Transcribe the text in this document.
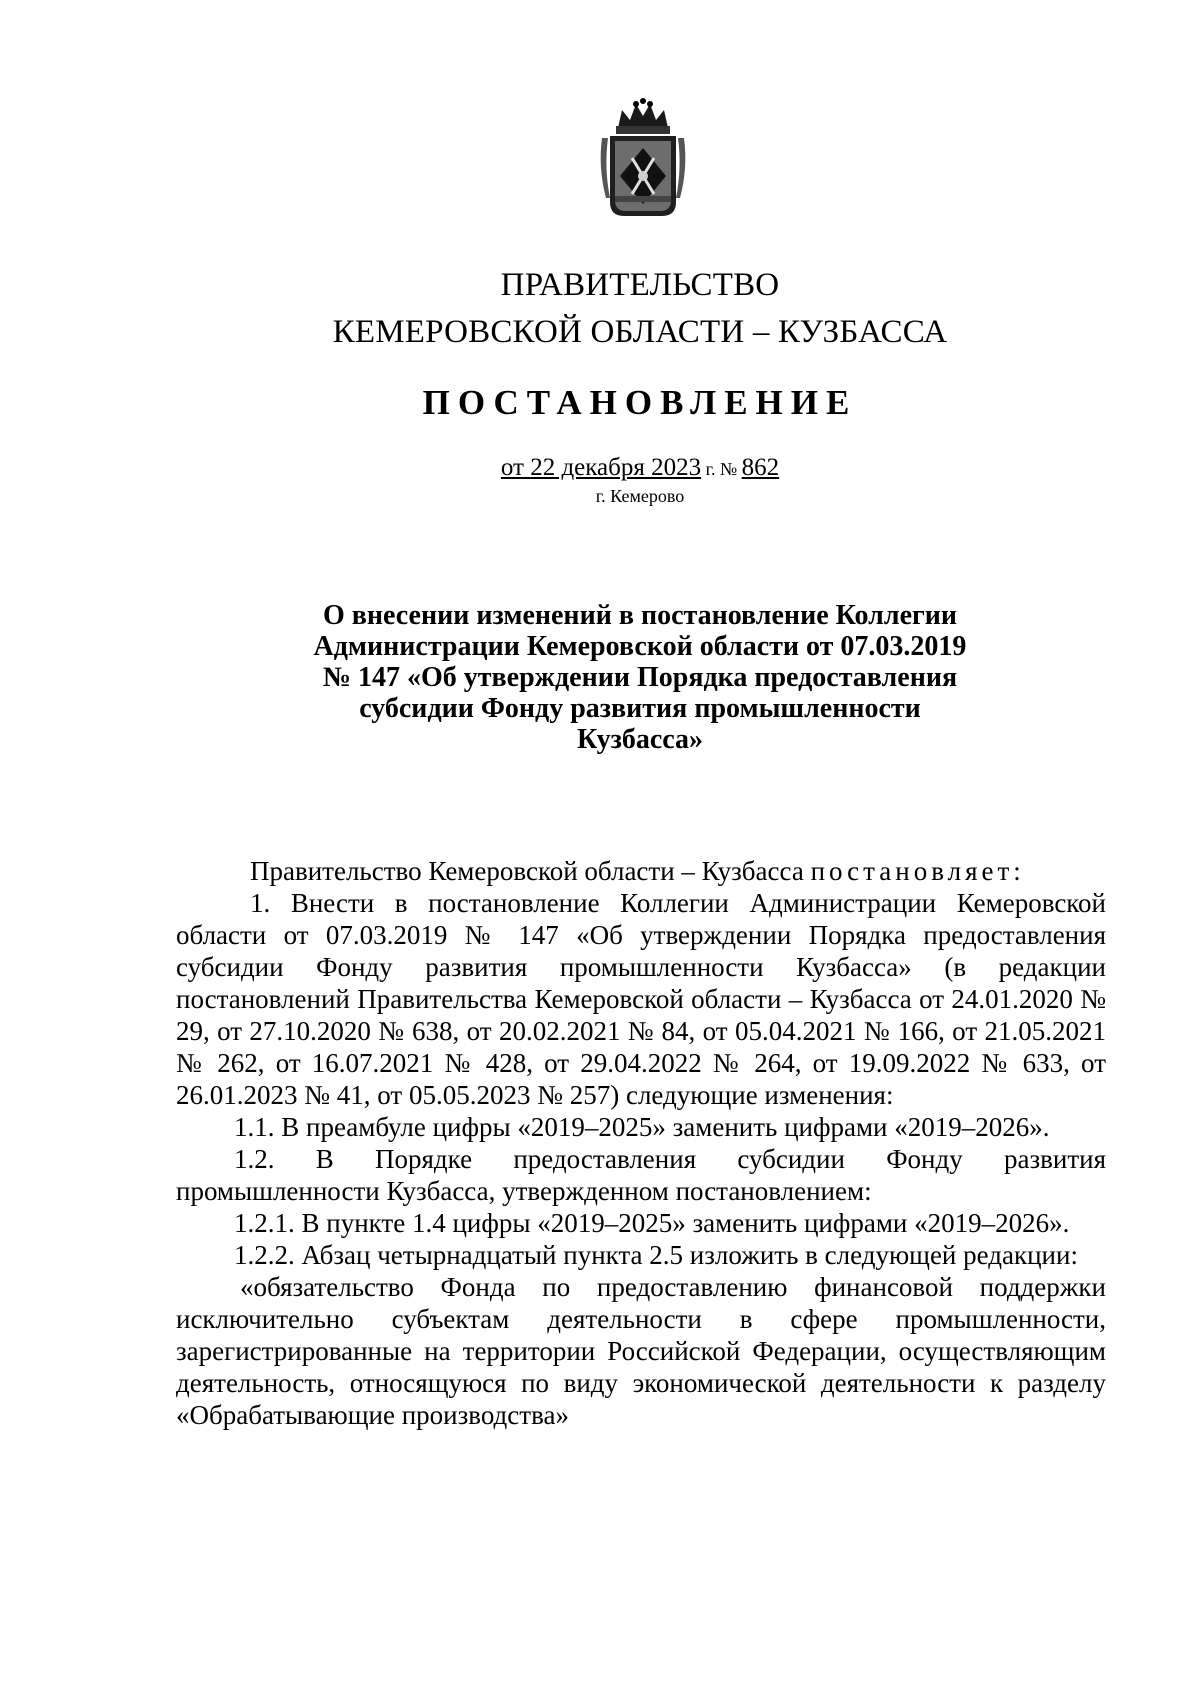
ПРАВИТЕЛЬСТВО
КЕМЕРОВСКОЙ ОБЛАСТИ – КУЗБАССА
ПОСТАНОВЛЕНИЕ
от 22 декабря 2023 г. № 862
г. Кемерово
О внесении изменений в постановление Коллегии
Администрации Кемеровской области от 07.03.2019
№ 147 «Об утверждении Порядка предоставления
субсидии Фонду развития промышленности
Кузбасса»
Правительство Кемеровской области – Кузбасса постановляет:
1. Внести в постановление Коллегии Администрации Кемеровской области от 07.03.2019 № 147 «Об утверждении Порядка предоставления субсидии Фонду развития промышленности Кузбасса» (в редакции постановлений Правительства Кемеровской области – Кузбасса от 24.01.2020 № 29, от 27.10.2020 № 638, от 20.02.2021 № 84, от 05.04.2021 № 166, от 21.05.2021 № 262, от 16.07.2021 № 428, от 29.04.2022 № 264, от 19.09.2022 № 633, от 26.01.2023 № 41, от 05.05.2023 № 257) следующие изменения:
1.1. В преамбуле цифры «2019–2025» заменить цифрами «2019–2026».
1.2. В Порядке предоставления субсидии Фонду развития промышленности Кузбасса, утвержденном постановлением:
1.2.1. В пункте 1.4 цифры «2019–2025» заменить цифрами «2019–2026».
1.2.2. Абзац четырнадцатый пункта 2.5 изложить в следующей редакции:
«обязательство Фонда по предоставлению финансовой поддержки исключительно субъектам деятельности в сфере промышленности, зарегистрированные на территории Российской Федерации, осуществляющим деятельность, относящуюся по виду экономической деятельности к разделу «Обрабатывающие производства»
